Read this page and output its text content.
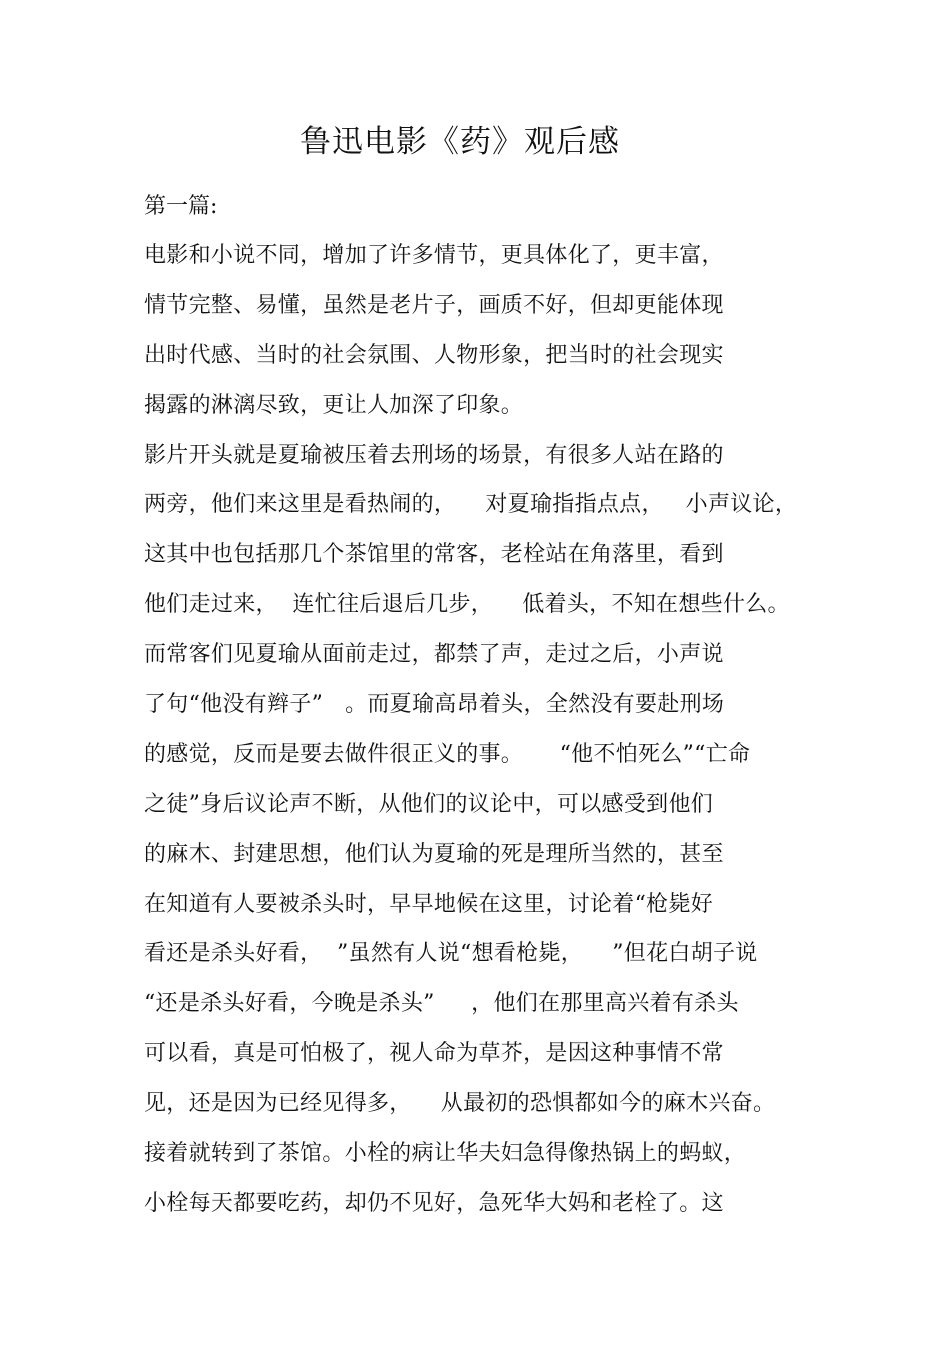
鲁迅电影《药》观后感

第一篇:

电影和小说不同，增加了许多情节，更具体化了，更丰富，
情节完整、易懂，虽然是老片子，画质不好，但却更能体现
出时代感、当时的社会氛围、人物形象，把当时的社会现实
揭露的淋漓尽致，更让人加深了印象。
影片开头就是夏瑜被压着去刑场的场景，有很多人站在路的
两旁，他们来这里是看热闹的，    对夏瑜指指点点，   小声议论，
这其中也包括那几个茶馆里的常客，老栓站在角落里，看到
他们走过来，  连忙往后退后几步，    低着头，不知在想些什么。
而常客们见夏瑜从面前走过，都禁了声，走过之后，小声说
了句“他没有辫子”   。而夏瑜高昂着头，全然没有要赴刑场
的感觉，反而是要去做件很正义的事。     “他不怕死么”“亡命
之徒”身后议论声不断，从他们的议论中，可以感受到他们
的麻木、封建思想，他们认为夏瑜的死是理所当然的，甚至
在知道有人要被杀头时，早早地候在这里，讨论着“枪毙好
看还是杀头好看，  ”虽然有人说“想看枪毙，    ”但花白胡子说
“还是杀头好看，今晚是杀头”     ，他们在那里高兴着有杀头
可以看，真是可怕极了，视人命为草芥，是因这种事情不常
见，还是因为已经见得多，    从最初的恐惧都如今的麻木兴奋。
接着就转到了茶馆。小栓的病让华夫妇急得像热锅上的蚂蚁，
小栓每天都要吃药，却仍不见好，急死华大妈和老栓了。这
